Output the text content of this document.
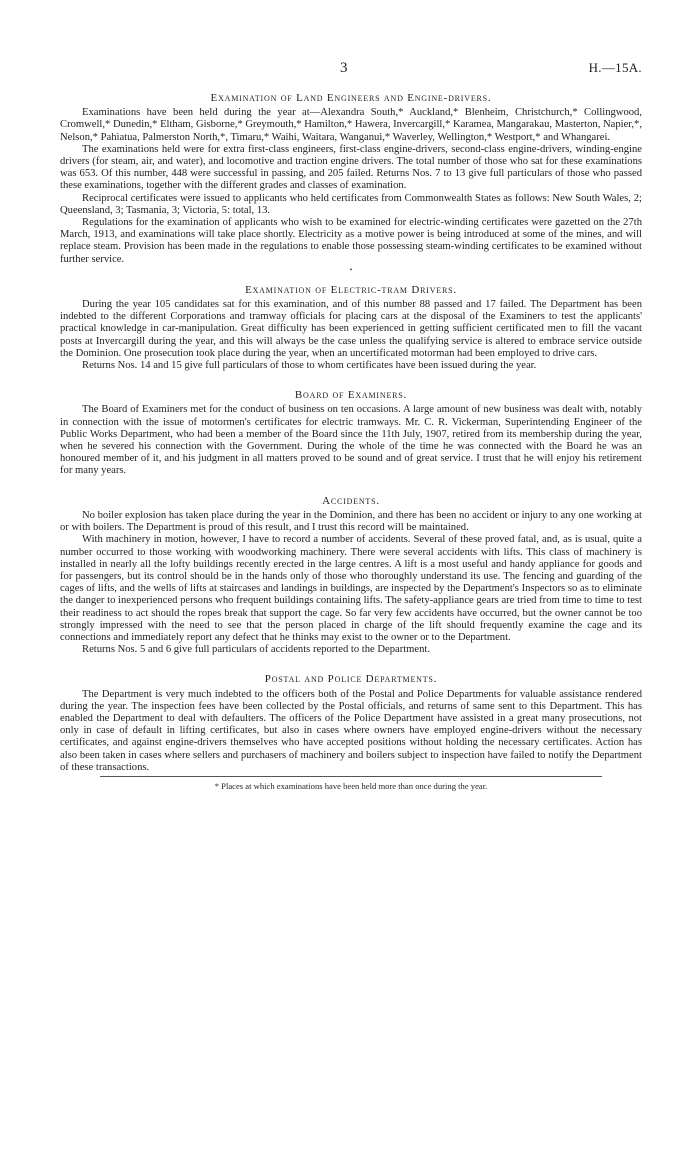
3	H.—15A.
Examination of Land Engineers and Engine-drivers.

Examinations have been held during the year at—Alexandra South,* Auckland,* Blenheim, Christchurch,* Collingwood, Cromwell,* Dunedin,* Eltham, Gisborne,* Greymouth,* Hamilton,* Hawera, Invercargill,* Karamea, Mangarakau, Masterton, Napier,*, Nelson,* Pahiatua, Palmerston North,*, Timaru,* Waihi, Waitara, Wanganui,* Waverley, Wellington,* Westport,* and Whangarei.

The examinations held were for extra first-class engineers, first-class engine-drivers, second-class engine-drivers, winding-engine drivers (for steam, air, and water), and locomotive and traction engine drivers. The total number of those who sat for these examinations was 653. Of this number, 448 were successful in passing, and 205 failed. Returns Nos. 7 to 13 give full particulars of those who passed these examinations, together with the different grades and classes of examination.

Reciprocal certificates were issued to applicants who held certificates from Commonwealth States as follows: New South Wales, 2; Queensland, 3; Tasmania, 3; Victoria, 5: total, 13.

Regulations for the examination of applicants who wish to be examined for electric-winding certificates were gazetted on the 27th March, 1913, and examinations will take place shortly. Electricity as a motive power is being introduced at some of the mines, and will replace steam. Provision has been made in the regulations to enable those possessing steam-winding certificates to be examined without further service.

•
Examination of Electric-tram Drivers.

During the year 105 candidates sat for this examination, and of this number 88 passed and 17 failed. The Department has been indebted to the different Corporations and tramway officials for placing cars at the disposal of the Examiners to test the applicants' practical knowledge in car-manipulation. Great difficulty has been experienced in getting sufficient certificated men to fill the vacant posts at Invercargill during the year, and this will always be the case unless the qualifying service is altered to embrace service outside the Dominion. One prosecution took place during the year, when an uncertificated motorman had been employed to drive cars.

Returns Nos. 14 and 15 give full particulars of those to whom certificates have been issued during the year.

Board of Examiners.

The Board of Examiners met for the conduct of business on ten occasions. A large amount of new business was dealt with, notably in connection with the issue of motormen's certificates for electric tramways. Mr. C. R. Vickerman, Superintending Engineer of the Public Works Department, who had been a member of the Board since the 11th July, 1907, retired from its membership during the year, when he severed his connection with the Government. During the whole of the time he was connected with the Board he was an honoured member of it, and his judgment in all matters proved to be sound and of great service. I trust that he will enjoy his retirement for many years.

Accidents.

No boiler explosion has taken place during the year in the Dominion, and there has been no accident or injury to any one working at or with boilers. The Department is proud of this result, and I trust this record will be maintained.

With machinery in motion, however, I have to record a number of accidents. Several of these proved fatal, and, as is usual, quite a number occurred to those working with woodworking machinery. There were several accidents with lifts. This class of machinery is installed in nearly all the lofty buildings recently erected in the large centres. A lift is a most useful and handy appliance for goods and for passengers, but its control should be in the hands only of those who thoroughly understand its use. The fencing and guarding of the cages of lifts, and the wells of lifts at staircases and landings in buildings, are inspected by the Department's Inspectors so as to eliminate the danger to inexperienced persons who frequent buildings containing lifts. The safety-appliance gears are tried from time to time to test their readiness to act should the ropes break that support the cage. So far very few accidents have occurred, but the owner cannot be too strongly impressed with the need to see that the person placed in charge of the lift should frequently examine the cage and its connections and immediately report any defect that he thinks may exist to the owner or to the Department.

Returns Nos. 5 and 6 give full particulars of accidents reported to the Department.

Postal and Police Departments.

The Department is very much indebted to the officers both of the Postal and Police Departments for valuable assistance rendered during the year. The inspection fees have been collected by the Postal officials, and returns of same sent to this Department. This has enabled the Department to deal with defaulters. The officers of the Police Department have assisted in a great many prosecutions, not only in case of default in lifting certificates, but also in cases where owners have employed engine-drivers without the necessary certificates, and against engine-drivers themselves who have accepted positions without holding the necessary certificates. Action has also been taken in cases where sellers and purchasers of machinery and boilers subject to inspection have failed to notify the Department of these transactions.

* Places at which examinations have been held more than once during the year.
